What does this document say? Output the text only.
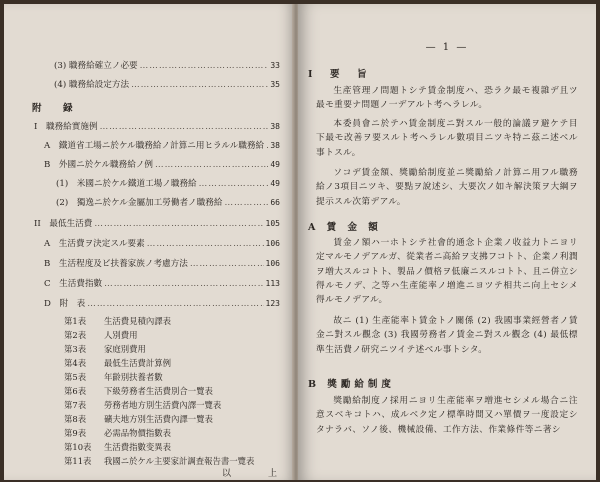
(3) 職務給確立ノ必要 ……………………………………………………………………………………………………………………………………	33
(4) 職務給設定方法 ……………………………………………………………………………………………………………………………………	35
附　録
I　職務給實施例 ……………………………………………………………………………………………………………………………………	38
A　鐵道省工場ニ於ケル職務給ノ計算ニ用ヒラルル職務給 …………………………………………………………………………………………………………………………………… 38
B　外國ニ於ケル職務給ノ例 ……………………………………………………………………………………………………………………………………	49
(1)　米國ニ於ケル鐵道工場ノ職務給 ……………………………………………………………………………………………………………………………………	49
(2)　獨逸ニ於ケル金屬加工勞働者ノ職務給 ……………………………………………………………………………………………………………………………………	66
II　最低生活費 ……………………………………………………………………………………………………………………………………	105
A　生活費ヲ決定スル要素 ……………………………………………………………………………………………………………………………………	106
B　生活程度及ビ扶養家族ノ考慮方法 ……………………………………………………………………………………………………………………………………	106
C　生活費指數 ……………………………………………………………………………………………………………………………………	113
D　附　表 ……………………………………………………………………………………………………………………………………	123
第1表 生活費見積內譯表
第2表 人別費用
第3表 家庭別費用
第4表 最低生活費計算例
第5表 年齡別扶養者數
第6表 下級勞務者生活費別合一覽表
第7表 勞務者地方別生活費內譯一覽表
第8表 礦夫地方別生活費內譯一覽表
第9表 必需品物價指數表
第10表 生活費指數变異表
第11表 我國ニ於ケル主要家計調査報告書一覽表
以　上
— 1 —
I　要　旨
生產管理ノ問題トシテ賃金制度ハ、恐ラク最モ複雜デ且ツ最モ重要ナ問題ノ一デアルト考ヘラレル。
本委員會ニ於テハ賃金制度ニ對スル一般的論議ヲ避ケテ目下最モ改善ヲ要スルト考ヘラレル數項目ニツキ特ニ茲ニ述ベル事トスル。
ソコデ賃金額、獎勵給制度並ニ獎勵給ノ計算ニ用フル職務給ノ3項目ニツキ、要點ヲ說述シ、大要次ノ如キ解決策ヲ大綱ヲ提示スル次第デアル。
A 賃 金 額
賃金ノ額ハ一ホトシテ社會的通念ト企業ノ收益力トニヨリ定マルモノデアルガ、從業者ニ高給ヲ支拂フコトト、企業ノ利潤ヲ増大スルコトト、製品ノ價格ヲ低廉ニスルコトト、且ニ併立シ得ルモノデ、之等ハ生產能率ノ増進ニヨツテ相共ニ向上セシメ得ルモノデアル。
故ニ (1) 生產能率ト賃金トノ關係 (2) 我國事業經營者ノ賃金ニ對スル觀念 (3) 我國勞務者ノ賃金ニ對スル觀念 (4) 最低標準生活費ノ研究ニツイテ述べル事トシタ。
B 獎勵給制度
獎勵給制度ノ採用ニヨリ生產能率ヲ増進セシメル場合ニ注意スベキコトハ、成ルベク定ノ標準時間又ハ單價ヲ一度設定シタナラバ、ソノ後、機械設備、工作方法、作業條件等ニ著シ
